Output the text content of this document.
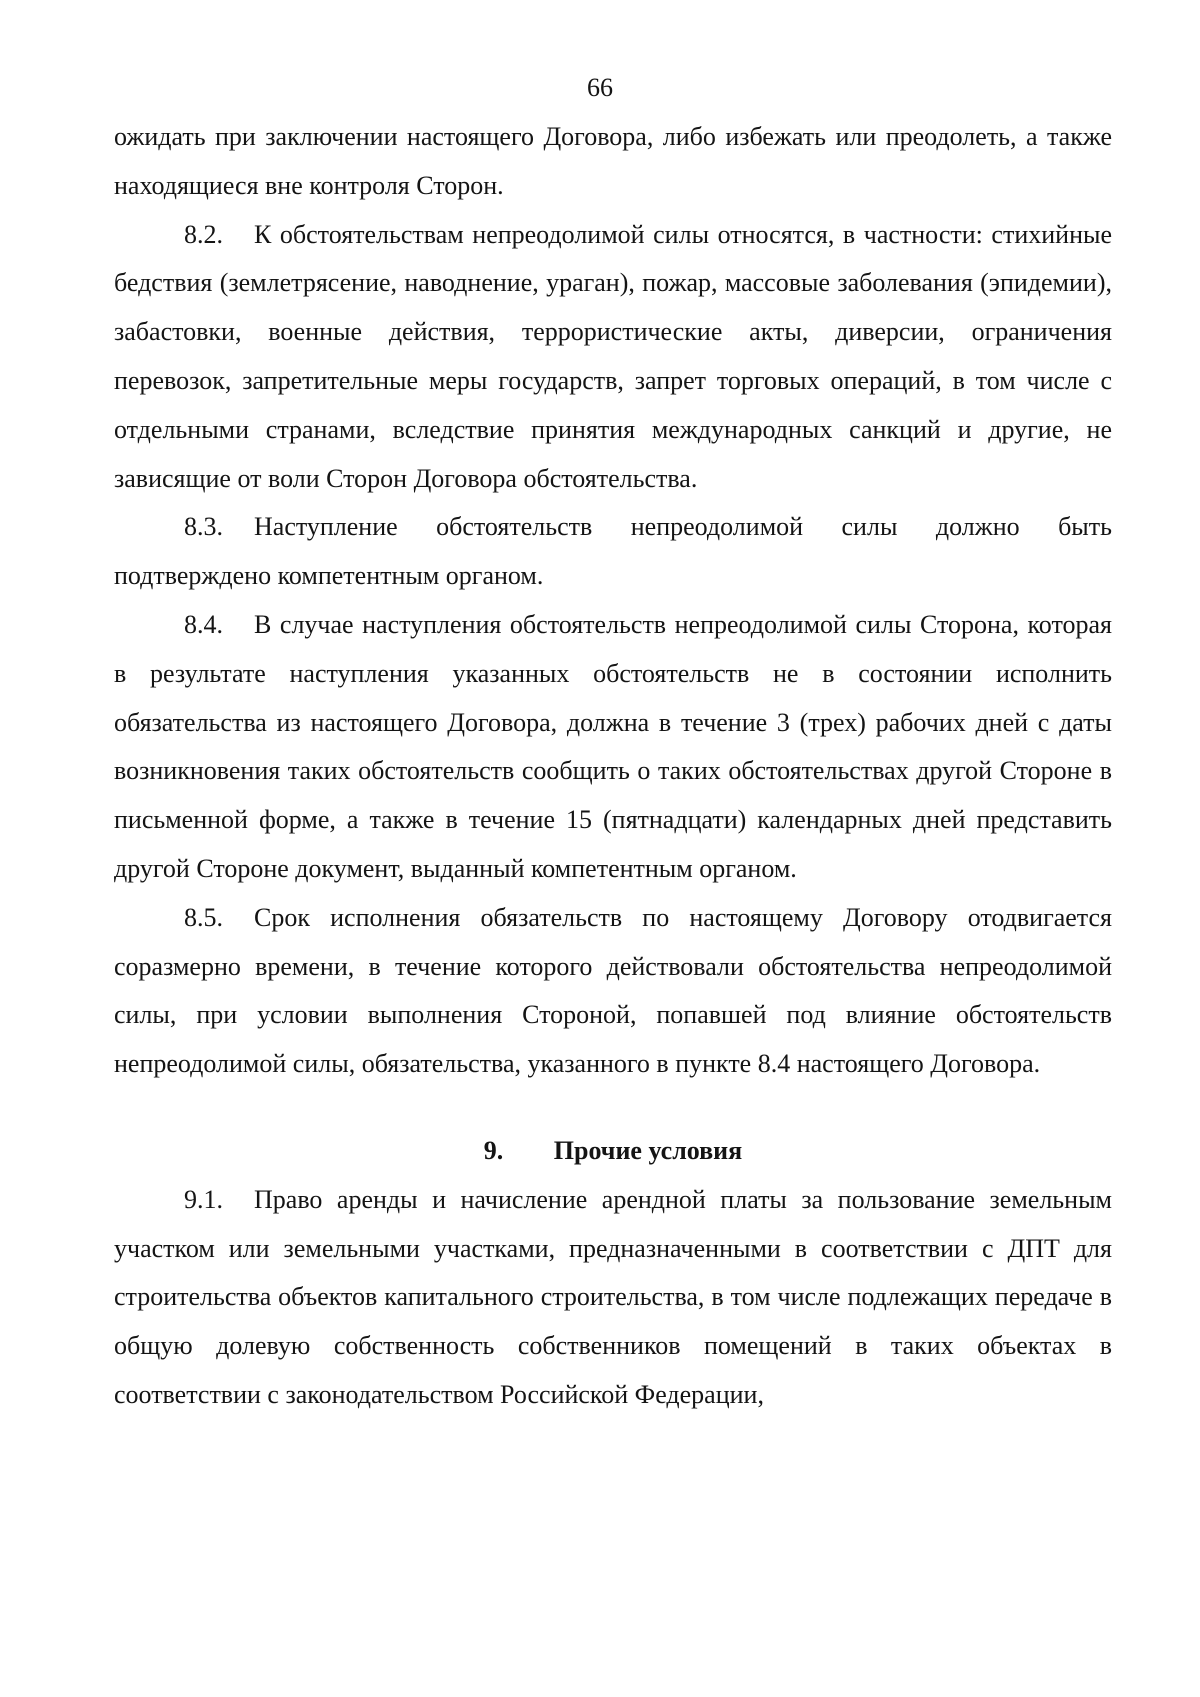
66

ожидать при заключении настоящего Договора, либо избежать или преодолеть, а также находящиеся вне контроля Сторон.

8.2. К обстоятельствам непреодолимой силы относятся, в частности: стихийные бедствия (землетрясение, наводнение, ураган), пожар, массовые заболевания (эпидемии), забастовки, военные действия, террористические акты, диверсии, ограничения перевозок, запретительные меры государств, запрет торговых операций, в том числе с отдельными странами, вследствие принятия международных санкций и другие, не зависящие от воли Сторон Договора обстоятельства.

8.3. Наступление обстоятельств непреодолимой силы должно быть подтверждено компетентным органом.

8.4. В случае наступления обстоятельств непреодолимой силы Сторона, которая в результате наступления указанных обстоятельств не в состоянии исполнить обязательства из настоящего Договора, должна в течение 3 (трех) рабочих дней с даты возникновения таких обстоятельств сообщить о таких обстоятельствах другой Стороне в письменной форме, а также в течение 15 (пятнадцати) календарных дней представить другой Стороне документ, выданный компетентным органом.

8.5. Срок исполнения обязательств по настоящему Договору отодвигается соразмерно времени, в течение которого действовали обстоятельства непреодолимой силы, при условии выполнения Стороной, попавшей под влияние обстоятельств непреодолимой силы, обязательства, указанного в пункте 8.4 настоящего Договора.

9. Прочие условия

9.1. Право аренды и начисление арендной платы за пользование земельным участком или земельными участками, предназначенными в соответствии с ДПТ для строительства объектов капитального строительства, в том числе подлежащих передаче в общую долевую собственность собственников помещений в таких объектах в соответствии с законодательством Российской Федерации,
